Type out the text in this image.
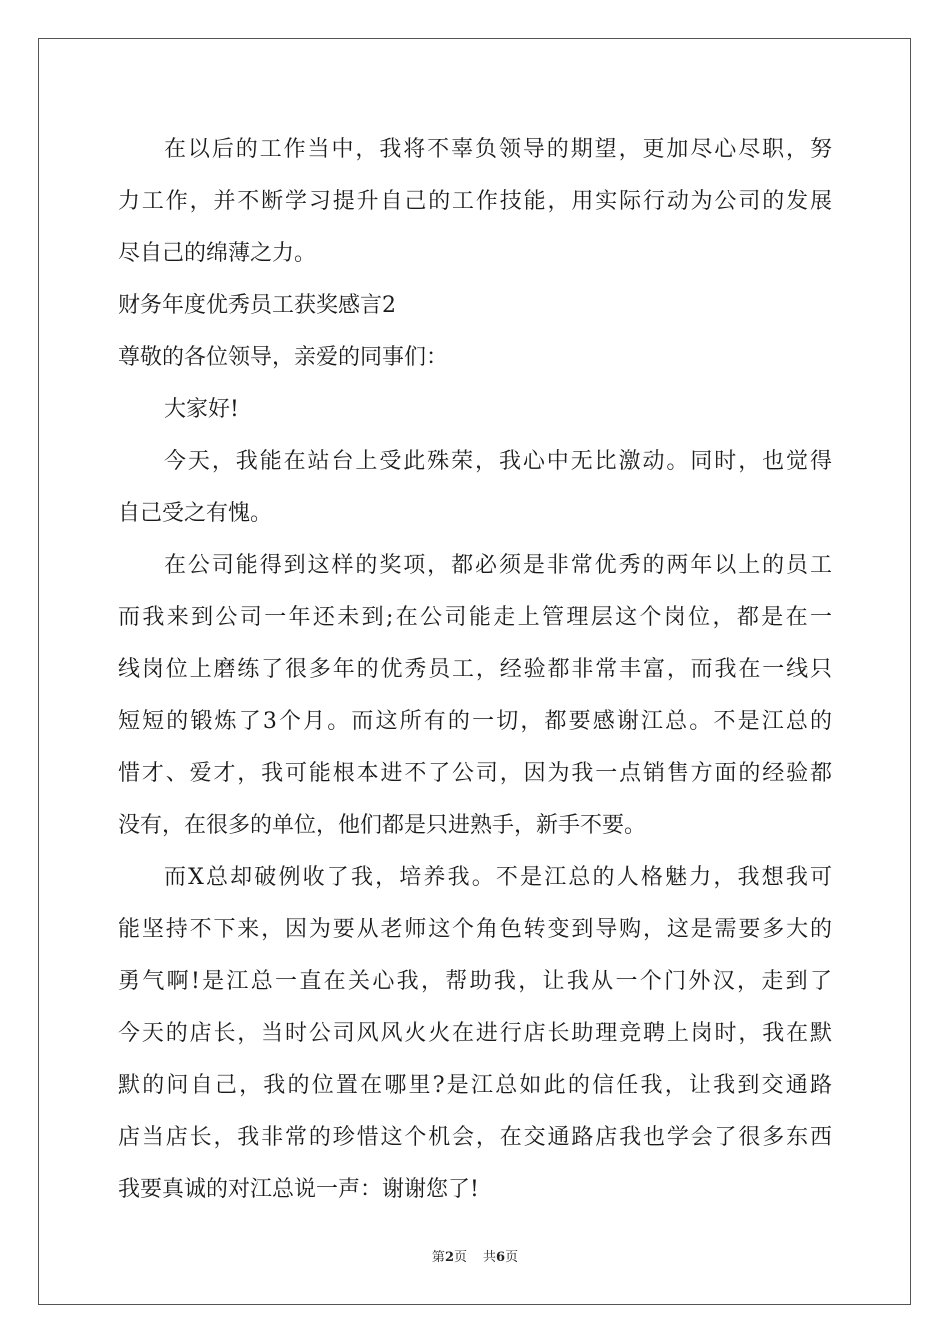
在以后的工作当中，我将不辜负领导的期望，更加尽心尽职，努
力工作，并不断学习提升自己的工作技能，用实际行动为公司的发展
尽自己的绵薄之力。
财务年度优秀员工获奖感言2
尊敬的各位领导，亲爱的同事们：
大家好!
今天，我能在站台上受此殊荣，我心中无比激动。同时，也觉得
自己受之有愧。
在公司能得到这样的奖项，都必须是非常优秀的两年以上的员工
而我来到公司一年还未到;在公司能走上管理层这个岗位，都是在一
线岗位上磨练了很多年的优秀员工，经验都非常丰富，而我在一线只
短短的锻炼了3个月。而这所有的一切，都要感谢江总。不是江总的
惜才、爱才，我可能根本进不了公司，因为我一点销售方面的经验都
没有，在很多的单位，他们都是只进熟手，新手不要。
而X总却破例收了我，培养我。不是江总的人格魅力，我想我可
能坚持不下来，因为要从老师这个角色转变到导购，这是需要多大的
勇气啊!是江总一直在关心我，帮助我，让我从一个门外汉，走到了
今天的店长，当时公司风风火火在进行店长助理竞聘上岗时，我在默
默的问自己，我的位置在哪里?是江总如此的信任我，让我到交通路
店当店长，我非常的珍惜这个机会，在交通路店我也学会了很多东西
我要真诚的对江总说一声：谢谢您了!
第2页 共6页
